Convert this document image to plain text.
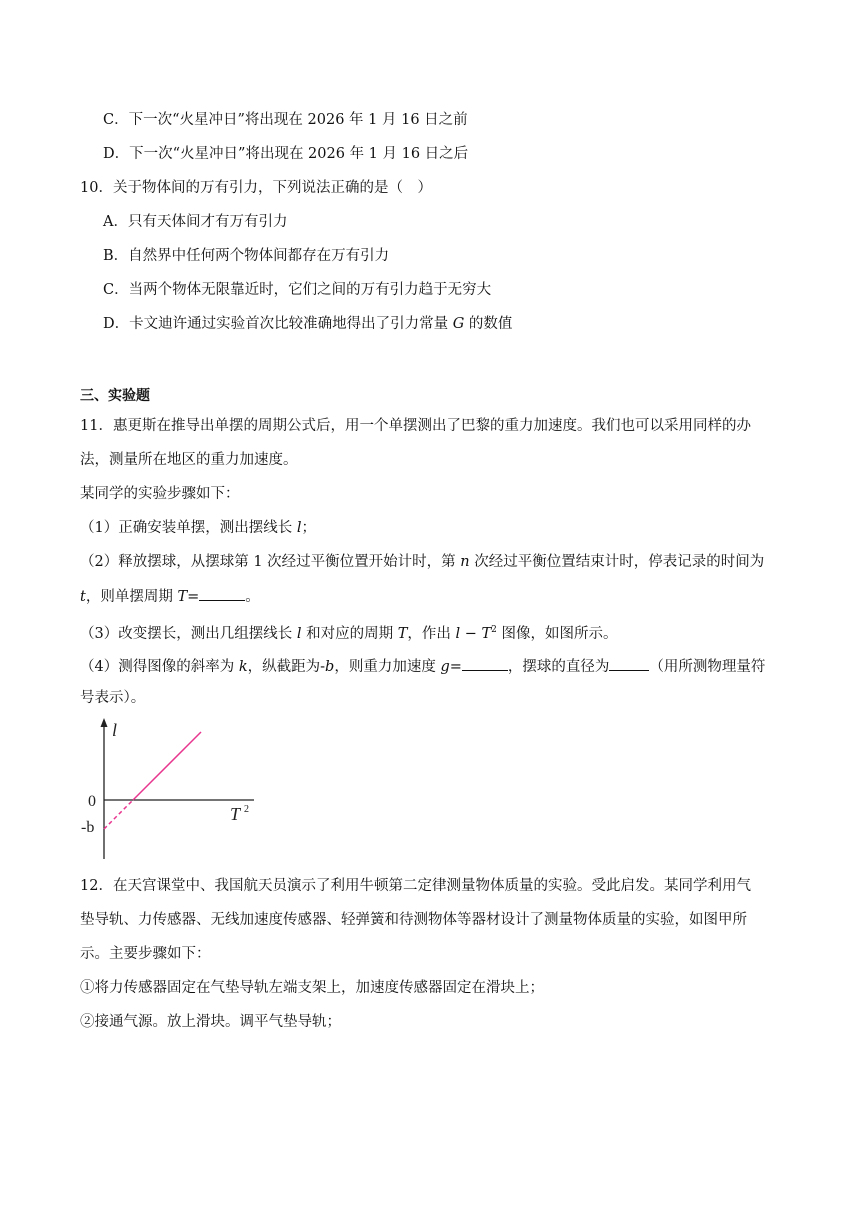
C．下一次“火星冲日”将出现在 2026 年 1 月 16 日之前
D．下一次“火星冲日”将出现在 2026 年 1 月 16 日之后
10．关于物体间的万有引力，下列说法正确的是（　）
A．只有天体间才有万有引力
B．自然界中任何两个物体间都存在万有引力
C．当两个物体无限靠近时，它们之间的万有引力趋于无穷大
D．卡文迪许通过实验首次比较准确地得出了引力常量 G 的数值
三、实验题
11．惠更斯在推导出单摆的周期公式后，用一个单摆测出了巴黎的重力加速度。我们也可以采用同样的办
法，测量所在地区的重力加速度。
某同学的实验步骤如下：
（1）正确安装单摆，测出摆线长 l；
（2）释放摆球，从摆球第 1 次经过平衡位置开始计时，第 n 次经过平衡位置结束计时，停表记录的时间为
t，则单摆周期 T=	。
（3）改变摆长，测出几组摆线长 l 和对应的周期 T，作出 $l - T^2$ 图像，如图所示。
（4）测得图像的斜率为 k，纵截距为-b，则重力加速度 g=	，摆球的直径为	（用所测物理量符
号表示）。
l
0
-b
T 2
12．在天宫课堂中、我国航天员演示了利用牛顿第二定律测量物体质量的实验。受此启发。某同学利用气
垫导轨、力传感器、无线加速度传感器、轻弹簧和待测物体等器材设计了测量物体质量的实验，如图甲所
示。主要步骤如下：
①将力传感器固定在气垫导轨左端支架上，加速度传感器固定在滑块上；
②接通气源。放上滑块。调平气垫导轨；
